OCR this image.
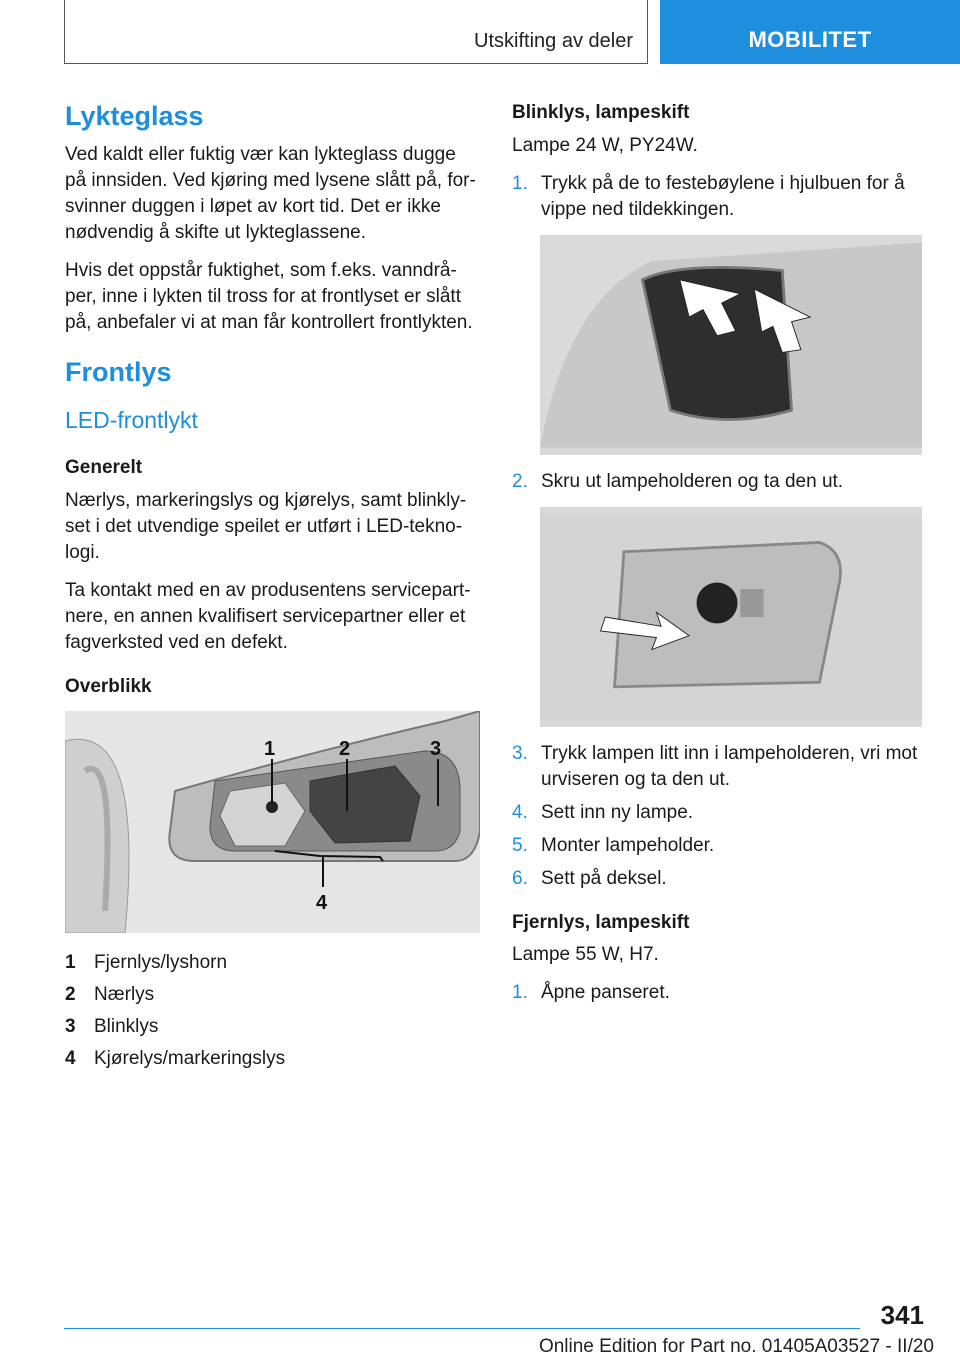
Utskifting av deler	MOBILITET
Lykteglass

Ved kaldt eller fuktig vær kan lykteglass dugge på innsiden. Ved kjøring med lysene slått på, forsvinner duggen i løpet av kort tid. Det er ikke nødvendig å skifte ut lykteglassene.

Hvis det oppstår fuktighet, som f.eks. vanndråper, inne i lykten til tross for at frontlyset er slått på, anbefaler vi at man får kontrollert frontlykten.

Frontlys
LED-frontlykt
Generelt

Nærlys, markeringslys og kjørelys, samt blinklyset i det utvendige speilet er utført i LED-teknologi.

Ta kontakt med en av produsentens servicepartnere, en annen kvalifisert servicepartner eller et fagverksted ved en defekt.

Overblikk
1	2	3
4
1 Fjernlys/lyshorn
2 Nærlys
3 Blinklys
4 Kjørelys/markeringslys
Blinklys, lampeskift

Lampe 24 W, PY24W.

1. Trykk på de to festebøylene i hjulbuen for å vippe ned tildekkingen.
2. Skru ut lampeholderen og ta den ut.
3. Trykk lampen litt inn i lampeholderen, vri mot urviseren og ta den ut.
4. Sett inn ny lampe.
5. Monter lampeholder.
6. Sett på deksel.
Fjernlys, lampeskift

Lampe 55 W, H7.

1. Åpne panseret.
341
Online Edition for Part no. 01405A03527 - II/20
